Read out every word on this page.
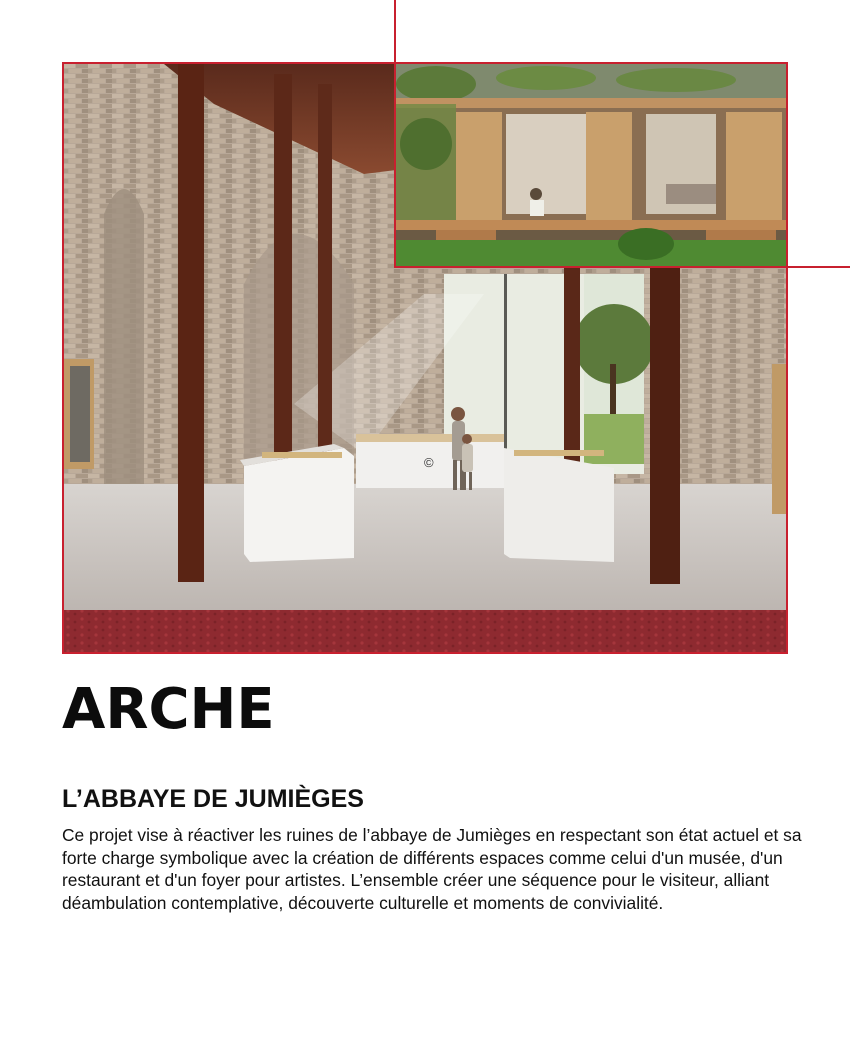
©
ARCHE
L’ABBAYE DE JUMIÈGES

Ce projet vise à réactiver les ruines de l’abbaye de Jumièges en respectant son état actuel et sa forte charge symbolique avec la création de différents espaces comme celui d'un musée, d'un restaurant et d'un foyer pour artistes. L’ensemble créer une séquence pour le visiteur, alliant déambulation contemplative, découverte culturelle et moments de convivialité.
